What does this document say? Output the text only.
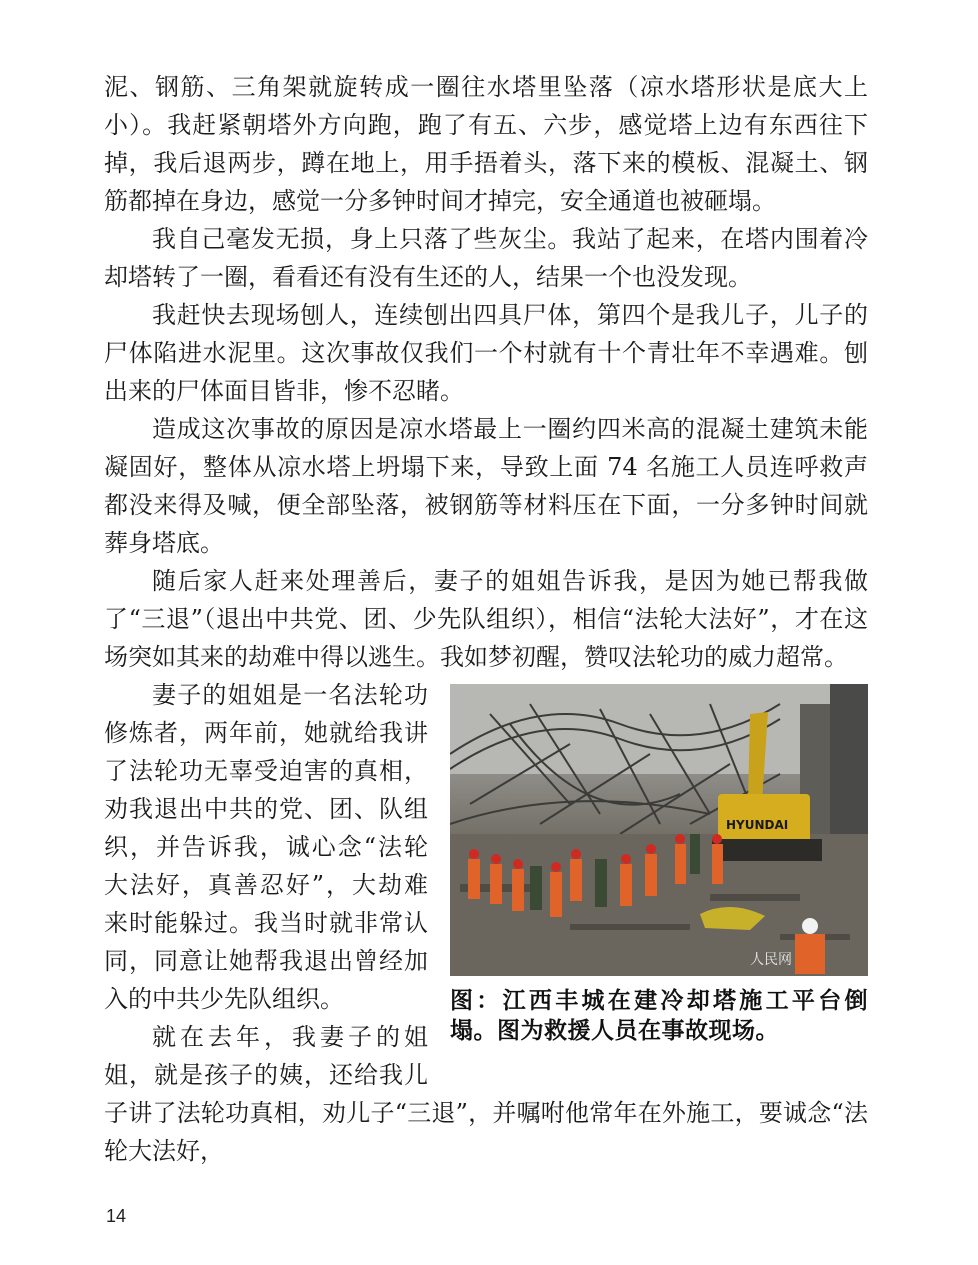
泥、钢筋、三角架就旋转成一圈往水塔里坠落（凉水塔形状是底大上小）。我赶紧朝塔外方向跑，跑了有五、六步，感觉塔上边有东西往下掉，我后退两步，蹲在地上，用手捂着头，落下来的模板、混凝土、钢筋都掉在身边，感觉一分多钟时间才掉完，安全通道也被砸塌。

我自己毫发无损，身上只落了些灰尘。我站了起来，在塔内围着冷却塔转了一圈，看看还有没有生还的人，结果一个也没发现。

我赶快去现场刨人，连续刨出四具尸体，第四个是我儿子，儿子的尸体陷进水泥里。这次事故仅我们一个村就有十个青壮年不幸遇难。刨出来的尸体面目皆非，惨不忍睹。

造成这次事故的原因是凉水塔最上一圈约四米高的混凝土建筑未能凝固好，整体从凉水塔上坍塌下来，导致上面 74 名施工人员连呼救声都没来得及喊，便全部坠落，被钢筋等材料压在下面，一分多钟时间就葬身塔底。

随后家人赶来处理善后，妻子的姐姐告诉我，是因为她已帮我做了“三退”（退出中共党、团、少先队组织），相信“法轮大法好”，才在这场突如其来的劫难中得以逃生。我如梦初醒，赞叹法轮功的威力超常。

HYUNDAI
人民网
图：江西丰城在建冷却塔施工平台倒塌。图为救援人员在事故现场。

妻子的姐姐是一名法轮功修炼者，两年前，她就给我讲了法轮功无辜受迫害的真相，劝我退出中共的党、团、队组织，并告诉我，诚心念“法轮大法好，真善忍好”，大劫难来时能躲过。我当时就非常认同，同意让她帮我退出曾经加入的中共少先队组织。

就在去年，我妻子的姐姐，就是孩子的姨，还给我儿子讲了法轮功真相，劝儿子“三退”，并嘱咐他常年在外施工，要诚念“法轮大法好，

14
